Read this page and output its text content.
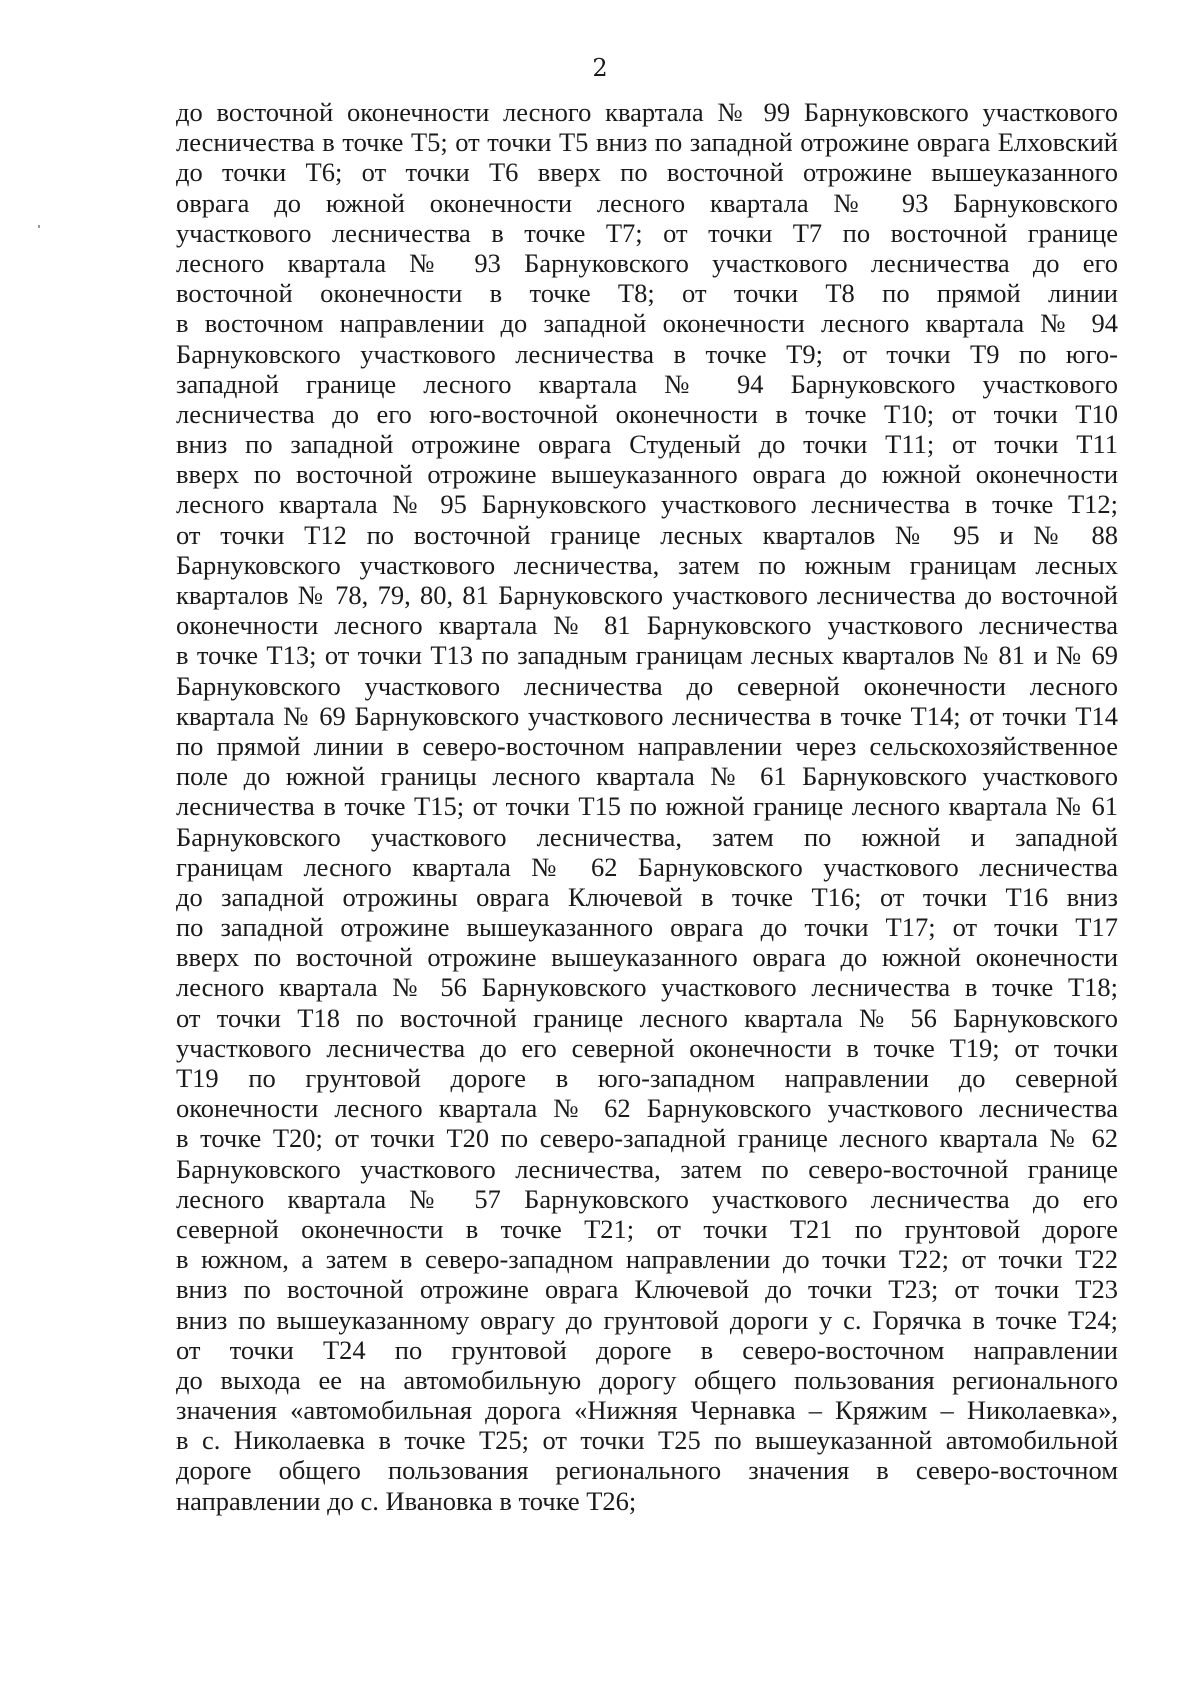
2
до восточной оконечности лесного квартала № 99 Барнуковского участкового
лесничества в точке Т5; от точки Т5 вниз по западной отрожине оврага Елховский
до точки Т6; от точки Т6 вверх по восточной отрожине вышеуказанного
оврага до южной оконечности лесного квартала № 93 Барнуковского
участкового лесничества в точке Т7; от точки Т7 по восточной границе
лесного квартала № 93 Барнуковского участкового лесничества до его
восточной оконечности в точке Т8; от точки Т8 по прямой линии
в восточном направлении до западной оконечности лесного квартала № 94
Барнуковского участкового лесничества в точке Т9; от точки Т9 по юго-
западной границе лесного квартала № 94 Барнуковского участкового
лесничества до его юго-восточной оконечности в точке Т10; от точки Т10
вниз по западной отрожине оврага Студеный до точки Т11; от точки Т11
вверх по восточной отрожине вышеуказанного оврага до южной оконечности
лесного квартала № 95 Барнуковского участкового лесничества в точке Т12;
от точки Т12 по восточной границе лесных кварталов № 95 и № 88
Барнуковского участкового лесничества, затем по южным границам лесных
кварталов № 78, 79, 80, 81 Барнуковского участкового лесничества до восточной
оконечности лесного квартала № 81 Барнуковского участкового лесничества
в точке Т13; от точки Т13 по западным границам лесных кварталов № 81 и № 69
Барнуковского участкового лесничества до северной оконечности лесного
квартала № 69 Барнуковского участкового лесничества в точке Т14; от точки Т14
по прямой линии в северо-восточном направлении через сельскохозяйственное
поле до южной границы лесного квартала № 61 Барнуковского участкового
лесничества в точке Т15; от точки Т15 по южной границе лесного квартала № 61
Барнуковского участкового лесничества, затем по южной и западной
границам лесного квартала № 62 Барнуковского участкового лесничества
до западной отрожины оврага Ключевой в точке Т16; от точки Т16 вниз
по западной отрожине вышеуказанного оврага до точки Т17; от точки Т17
вверх по восточной отрожине вышеуказанного оврага до южной оконечности
лесного квартала № 56 Барнуковского участкового лесничества в точке Т18;
от точки Т18 по восточной границе лесного квартала № 56 Барнуковского
участкового лесничества до его северной оконечности в точке Т19; от точки
Т19 по грунтовой дороге в юго-западном направлении до северной
оконечности лесного квартала № 62 Барнуковского участкового лесничества
в точке Т20; от точки Т20 по северо-западной границе лесного квартала № 62
Барнуковского участкового лесничества, затем по северо-восточной границе
лесного квартала № 57 Барнуковского участкового лесничества до его
северной оконечности в точке Т21; от точки Т21 по грунтовой дороге
в южном, а затем в северо-западном направлении до точки Т22; от точки Т22
вниз по восточной отрожине оврага Ключевой до точки Т23; от точки Т23
вниз по вышеуказанному оврагу до грунтовой дороги у с. Горячка в точке Т24;
от точки Т24 по грунтовой дороге в северо-восточном направлении
до выхода ее на автомобильную дорогу общего пользования регионального
значения «автомобильная дорога «Нижняя Чернавка – Кряжим – Николаевка»,
в с. Николаевка в точке Т25; от точки Т25 по вышеуказанной автомобильной
дороге общего пользования регионального значения в северо-восточном
направлении до с. Ивановка в точке Т26;
